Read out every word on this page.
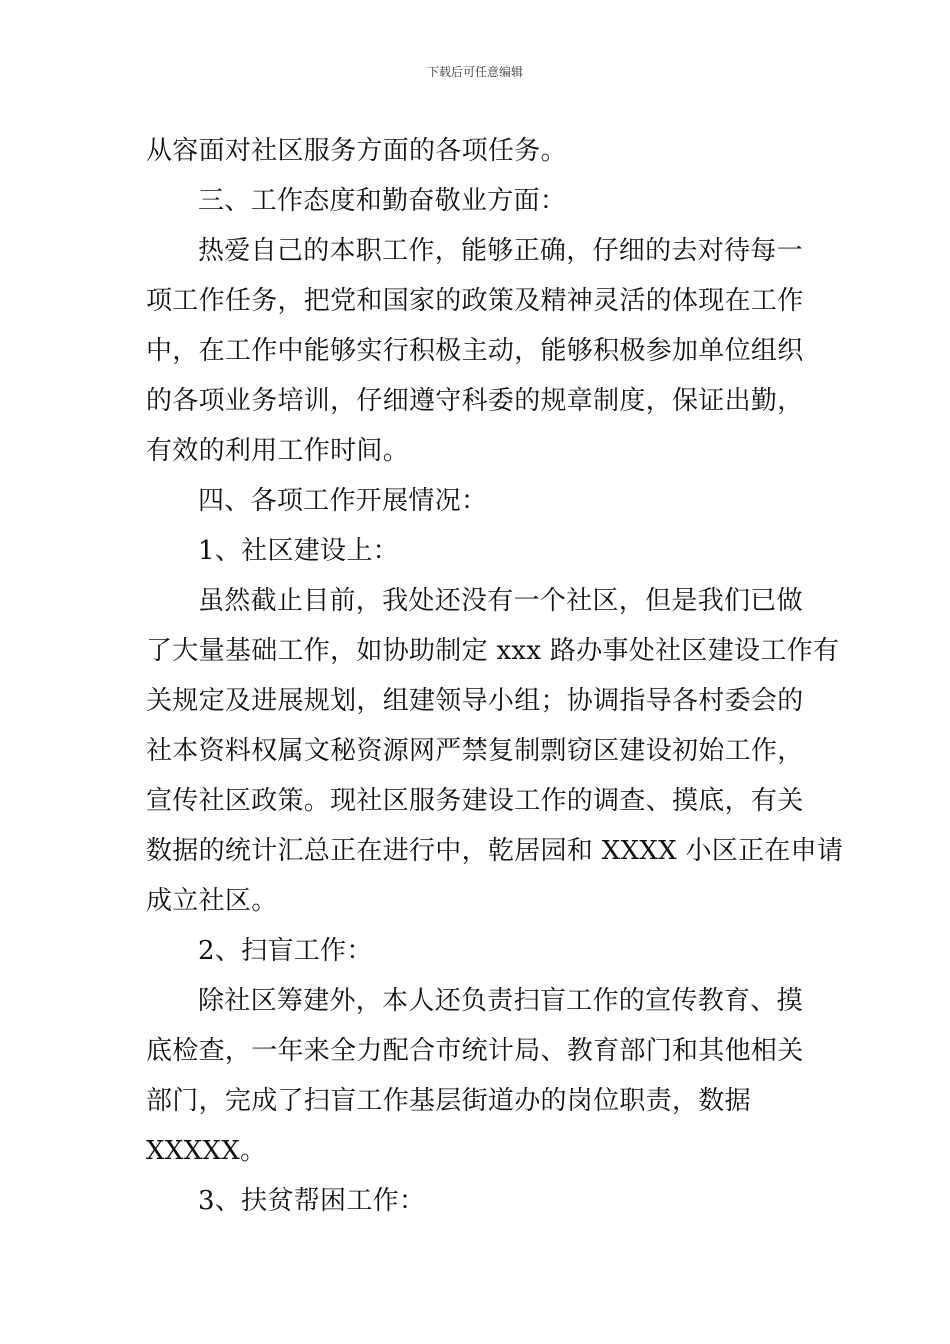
下载后可任意编辑
从容面对社区服务方面的各项任务。
三、工作态度和勤奋敬业方面：
热爱自己的本职工作，能够正确，仔细的去对待每一
项工作任务，把党和国家的政策及精神灵活的体现在工作
中，在工作中能够实行积极主动，能够积极参加单位组织
的各项业务培训，仔细遵守科委的规章制度，保证出勤，
有效的利用工作时间。
四、各项工作开展情况：
1、社区建设上：
虽然截止目前，我处还没有一个社区，但是我们已做
了大量基础工作，如协助制定 xxx 路办事处社区建设工作有
关规定及进展规划，组建领导小组；协调指导各村委会的
社本资料权属文秘资源网严禁复制剽窃区建设初始工作，
宣传社区政策。现社区服务建设工作的调查、摸底，有关
数据的统计汇总正在进行中，乾居园和 XXXX 小区正在申请
成立社区。
2、扫盲工作：
除社区筹建外，本人还负责扫盲工作的宣传教育、摸
底检查，一年来全力配合市统计局、教育部门和其他相关
部门，完成了扫盲工作基层街道办的岗位职责，数据
XXXXX。
3、扶贫帮困工作：
